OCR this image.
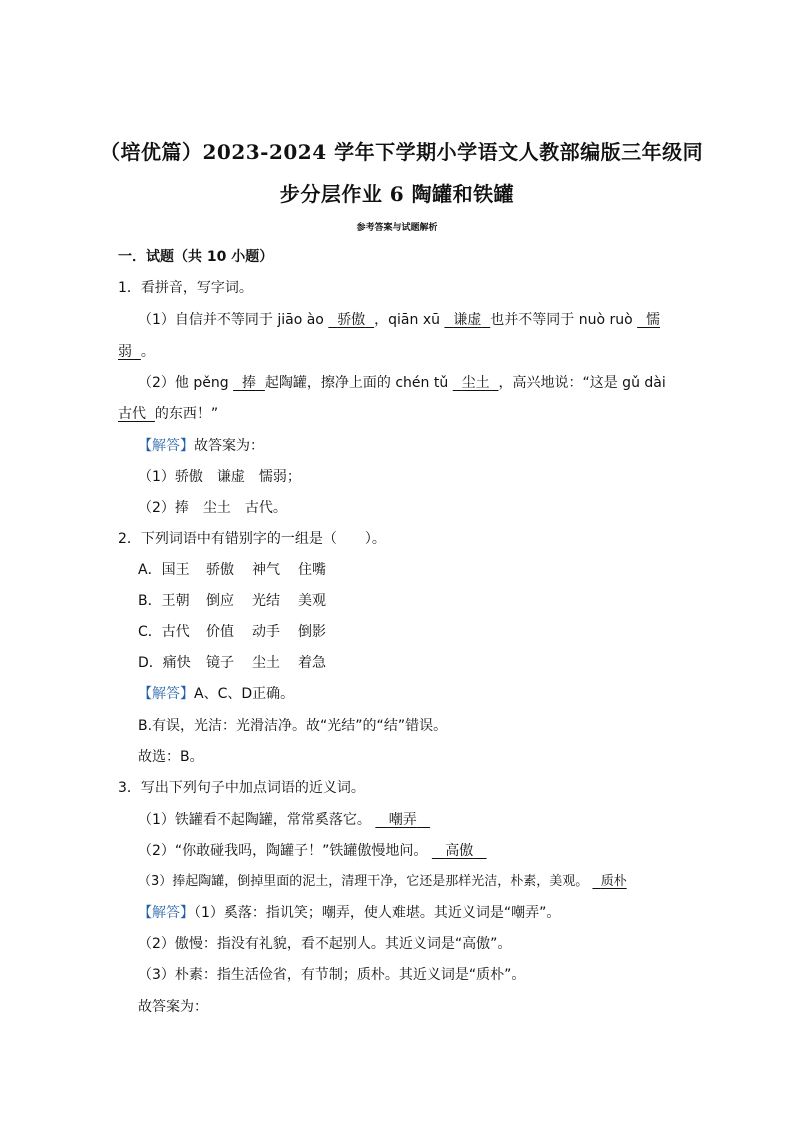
（培优篇）2023-2024 学年下学期小学语文人教部编版三年级同
步分层作业 6 陶罐和铁罐
参考答案与试题解析
一．试题（共 10 小题）
1．看拼音，写字词。
（1）自信并不等同于 jiāo ào 骄傲 ，qiān xū 谦虚 也并不等同于 nuò ruò 懦
弱 。
（2）他 pěng 捧 起陶罐，擦净上面的 chén tǔ 尘土 ，高兴地说：“这是 gǔ dài
古代 的东西！”
【解答】故答案为：
（1）骄傲　谦虚　懦弱；
（2）捧　尘土　古代。
2．下列词语中有错别字的一组是（　　）。
A．国王 骄傲 神气 住嘴
B．王朝 倒应 光结 美观
C．古代 价值 动手 倒影
D．痛快 镜子 尘土 着急
【解答】A、C、D正确。
B.有误，光洁：光滑洁净。故“光结”的“结”错误。
故选：B。
3．写出下列句子中加点词语的近义词。
（1）铁罐看不起陶罐，常常奚落它。 嘲弄
（2）“你敢碰我吗，陶罐子！”铁罐傲慢地问。 高傲
（3）捧起陶罐，倒掉里面的泥土，清理干净，它还是那样光洁，朴素，美观。 质朴
【解答】（1）奚落：指讥笑；嘲弄，使人难堪。其近义词是“嘲弄”。
（2）傲慢：指没有礼貌，看不起别人。其近义词是“高傲”。
（3）朴素：指生活俭省，有节制；质朴。其近义词是“质朴”。
故答案为：
